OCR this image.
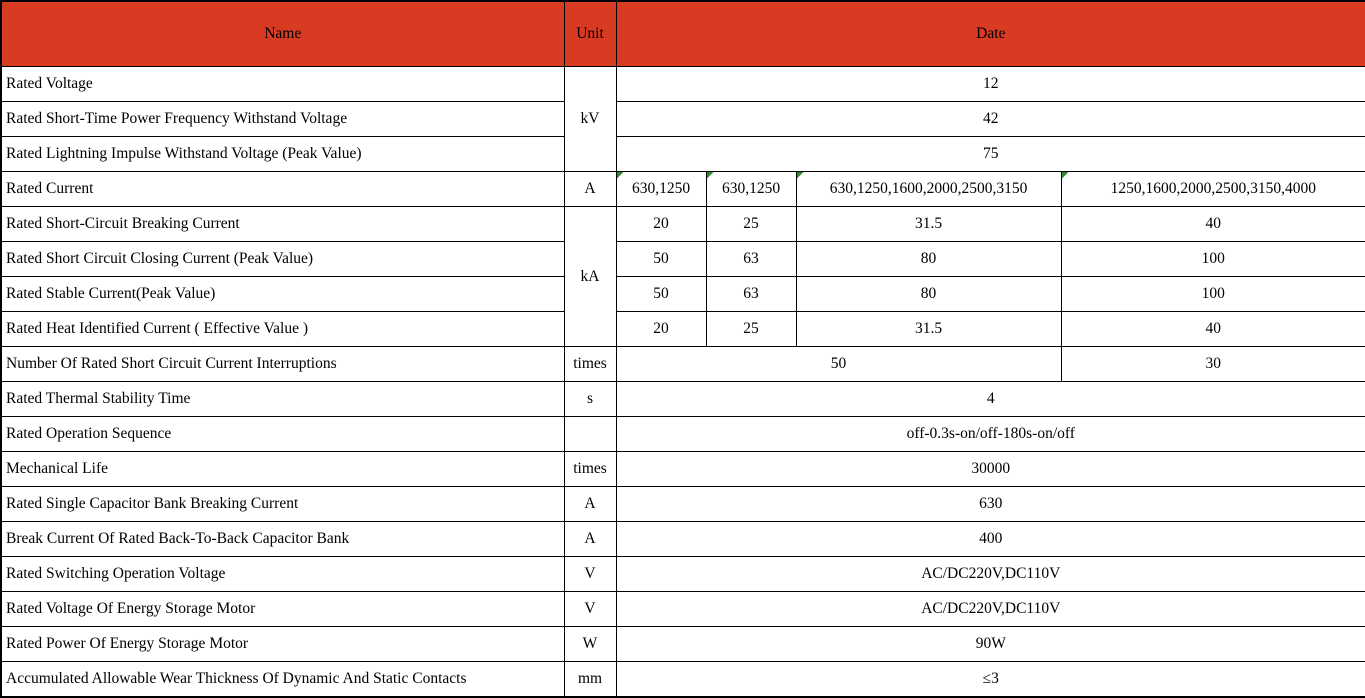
Name	Unit	Date			
Rated Voltage	kV	12			
Rated Short-Time Power Frequency Withstand Voltage		42			
Rated Lightning Impulse Withstand Voltage (Peak Value)		75			
Rated Current	A	630,1250	630,1250	630,1250,1600,2000,2500,3150	1250,1600,2000,2500,3150,4000
Rated Short-Circuit Breaking Current	kA	20	25	31.5	40
Rated Short Circuit Closing Current (Peak Value)		50	63	80	100
Rated Stable Current(Peak Value)		50	63	80	100
Rated Heat Identified Current ( Effective Value )		20	25	31.5	40
Number Of Rated Short Circuit Current Interruptions	times	50			30
Rated Thermal Stability Time	s	4			
Rated Operation Sequence		off-0.3s-on/off-180s-on/off			
Mechanical Life	times	30000			
Rated Single Capacitor Bank Breaking Current	A	630			
Break Current Of Rated Back-To-Back Capacitor Bank	A	400			
Rated Switching Operation Voltage	V	AC/DC220V,DC110V			
Rated Voltage Of Energy Storage Motor	V	AC/DC220V,DC110V			
Rated Power Of Energy Storage Motor	W	90W			
Accumulated Allowable Wear Thickness Of Dynamic And Static Contacts	mm	≤3			
